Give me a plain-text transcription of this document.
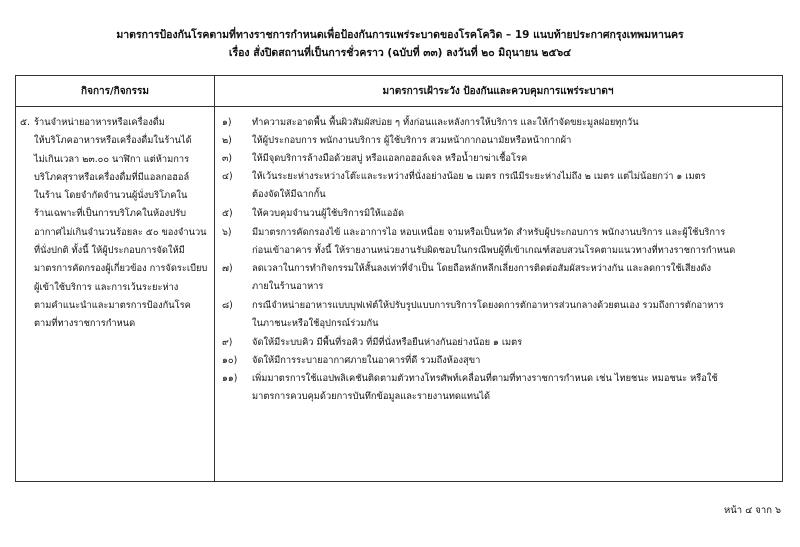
มาตรการป้องกันโรคตามที่ทางราชการกำหนดเพื่อป้องกันการแพร่ระบาดของโรคโควิด – 19 แนบท้ายประกาศกรุงเทพมหานคร
เรื่อง สั่งปิดสถานที่เป็นการชั่วคราว (ฉบับที่ ๓๓) ลงวันที่ ๒๐ มิถุนายน ๒๕๖๔
กิจการ/กิจกรรม	มาตรการเฝ้าระวัง ป้องกันและควบคุมการแพร่ระบาดฯ
๕. ร้านจำหน่ายอาหารหรือเครื่องดื่ม
ให้บริโภคอาหารหรือเครื่องดื่มในร้านได้
ไม่เกินเวลา ๒๓.๐๐ นาฬิกา แต่ห้ามการ
บริโภคสุราหรือเครื่องดื่มที่มีแอลกอฮอล์
ในร้าน โดยจำกัดจำนวนผู้นั่งบริโภคใน
ร้านเฉพาะที่เป็นการบริโภคในห้องปรับ
อากาศไม่เกินจำนวนร้อยละ ๕๐ ของจำนวน
ที่นั่งปกติ ทั้งนี้ ให้ผู้ประกอบการจัดให้มี
มาตรการคัดกรองผู้เกี่ยวข้อง การจัดระเบียบ
ผู้เข้าใช้บริการ และการเว้นระยะห่าง
ตามคำแนะนำและมาตรการป้องกันโรค
ตามที่ทางราชการกำหนด
๑) ทำความสะอาดพื้น พื้นผิวสัมผัสบ่อย ๆ ทั้งก่อนและหลังการให้บริการ และให้กำจัดขยะมูลฝอยทุกวัน
๒) ให้ผู้ประกอบการ พนักงานบริการ ผู้ใช้บริการ สวมหน้ากากอนามัยหรือหน้ากากผ้า
๓) ให้มีจุดบริการล้างมือด้วยสบู่ หรือแอลกอฮอล์เจล หรือน้ำยาฆ่าเชื้อโรค
๔) ให้เว้นระยะห่างระหว่างโต๊ะและระหว่างที่นั่งอย่างน้อย ๒ เมตร กรณีมีระยะห่างไม่ถึง ๒ เมตร แต่ไม่น้อยกว่า ๑ เมตร
ต้องจัดให้มีฉากกั้น
๕) ให้ควบคุมจำนวนผู้ใช้บริการมิให้แออัด
๖) มีมาตรการคัดกรองไข้ และอาการไอ หอบเหนื่อย จามหรือเป็นหวัด สำหรับผู้ประกอบการ พนักงานบริการ และผู้ใช้บริการ
ก่อนเข้าอาคาร ทั้งนี้ ให้รายงานหน่วยงานรับผิดชอบในกรณีพบผู้ที่เข้าเกณฑ์สอบสวนโรคตามแนวทางที่ทางราชการกำหนด
๗) ลดเวลาในการทำกิจกรรมให้สั้นลงเท่าที่จำเป็น โดยถือหลักหลีกเลี่ยงการติดต่อสัมผัสระหว่างกัน และลดการใช้เสียงดัง
ภายในร้านอาหาร
๘) กรณีจำหน่ายอาหารแบบบุฟเฟ่ต์ให้ปรับรูปแบบการบริการโดยงดการตักอาหารส่วนกลางด้วยตนเอง รวมถึงการตักอาหาร
ในภาชนะหรือใช้อุปกรณ์ร่วมกัน
๙) จัดให้มีระบบคิว มีพื้นที่รอคิว ที่มีที่นั่งหรือยืนห่างกันอย่างน้อย ๑ เมตร
๑๐) จัดให้มีการระบายอากาศภายในอาคารที่ดี รวมถึงห้องสุขา
๑๑) เพิ่มมาตรการใช้แอปพลิเคชันติดตามตัวทางโทรศัพท์เคลื่อนที่ตามที่ทางราชการกำหนด เช่น ไทยชนะ หมอชนะ หรือใช้
มาตรการควบคุมด้วยการบันทึกข้อมูลและรายงานทดแทนได้
หน้า ๔ จาก ๖
